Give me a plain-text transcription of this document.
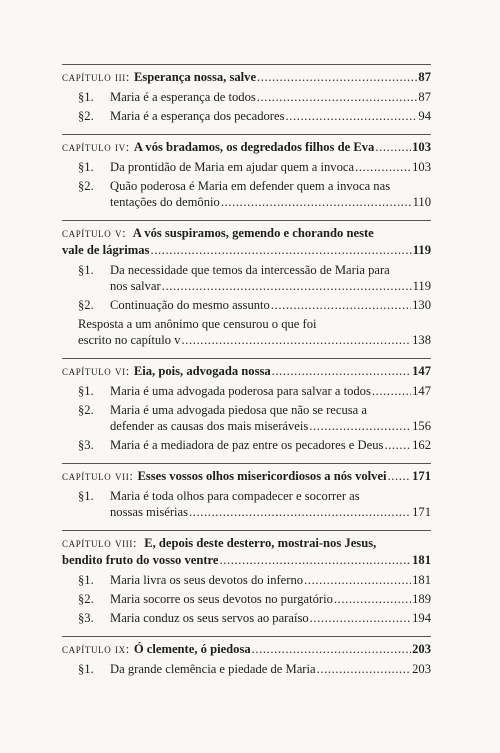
capítulo iii: Esperança nossa, salve .....	87
§1.	Maria é a esperança de todos .....	87
§2.	Maria é a esperança dos pecadores .....	94
capítulo iv: A vós bradamos, os degredados filhos de Eva .....	103
§1.	Da prontidão de Maria em ajudar quem a invoca .....	103
§2.	Quão poderosa é Maria em defender quem a invoca nas
tentações do demônio .....	110
capítulo v: A vós suspiramos, gemendo e chorando neste
vale de lágrimas .....	119
§1.	Da necessidade que temos da intercessão de Maria para
nos salvar .....	119
§2.	Continuação do mesmo assunto .....	130
Resposta a um anônimo que censurou o que foi
escrito no capítulo v .....	138
capítulo vi: Eia, pois, advogada nossa .....	147
§1.	Maria é uma advogada poderosa para salvar a todos .....	147
§2.	Maria é uma advogada piedosa que não se recusa a
defender as causas dos mais miseráveis .....	156
§3.	Maria é a mediadora de paz entre os pecadores e Deus ..... 162
capítulo vii: Esses vossos olhos misericordiosos a nós volvei ..... 171
§1.	Maria é toda olhos para compadecer e socorrer as
nossas misérias .....	171
capítulo viii: E, depois deste desterro, mostrai-nos Jesus,
bendito fruto do vosso ventre .....	181
§1.	Maria livra os seus devotos do inferno .....	181
§2.	Maria socorre os seus devotos no purgatório .....	189
§3.	Maria conduz os seus servos ao paraíso .....	194
capítulo ix: Ó clemente, ó piedosa .....	203
§1.	Da grande clemência e piedade de Maria .....	203
